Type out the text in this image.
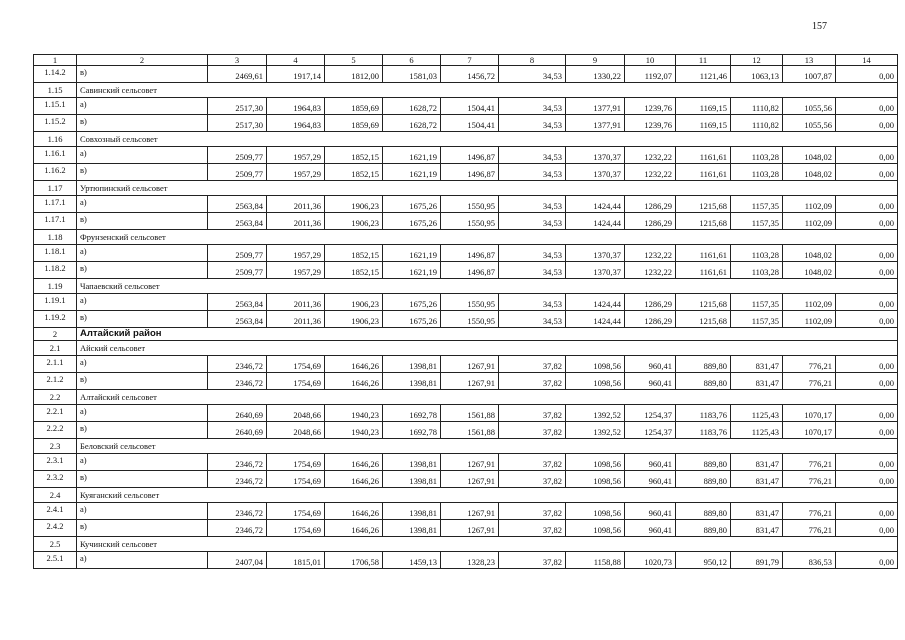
157
1	2	3	4	5	6	7	8	9	10	11	12	13	14
1.14.2	в)	2469,61	1917,14	1812,00	1581,03	1456,72	34,53	1330,22	1192,07	1121,46	1063,13	1007,87	0,00
1.15	Савинский сельсовет												
1.15.1	а)	2517,30	1964,83	1859,69	1628,72	1504,41	34,53	1377,91	1239,76	1169,15	1110,82	1055,56	0,00
1.15.2	в)	2517,30	1964,83	1859,69	1628,72	1504,41	34,53	1377,91	1239,76	1169,15	1110,82	1055,56	0,00
1.16	Совхозный сельсовет												
1.16.1	а)	2509,77	1957,29	1852,15	1621,19	1496,87	34,53	1370,37	1232,22	1161,61	1103,28	1048,02	0,00
1.16.2	в)	2509,77	1957,29	1852,15	1621,19	1496,87	34,53	1370,37	1232,22	1161,61	1103,28	1048,02	0,00
1.17	Уртюпинский сельсовет												
1.17.1	а)	2563,84	2011,36	1906,23	1675,26	1550,95	34,53	1424,44	1286,29	1215,68	1157,35	1102,09	0,00
1.17.1	в)	2563,84	2011,36	1906,23	1675,26	1550,95	34,53	1424,44	1286,29	1215,68	1157,35	1102,09	0,00
1.18	Фрунзенский сельсовет												
1.18.1	а)	2509,77	1957,29	1852,15	1621,19	1496,87	34,53	1370,37	1232,22	1161,61	1103,28	1048,02	0,00
1.18.2	в)	2509,77	1957,29	1852,15	1621,19	1496,87	34,53	1370,37	1232,22	1161,61	1103,28	1048,02	0,00
1.19	Чапаевский сельсовет												
1.19.1	а)	2563,84	2011,36	1906,23	1675,26	1550,95	34,53	1424,44	1286,29	1215,68	1157,35	1102,09	0,00
1.19.2	в)	2563,84	2011,36	1906,23	1675,26	1550,95	34,53	1424,44	1286,29	1215,68	1157,35	1102,09	0,00
2	Алтайский район												
2.1	Айский сельсовет												
2.1.1	а)	2346,72	1754,69	1646,26	1398,81	1267,91	37,82	1098,56	960,41	889,80	831,47	776,21	0,00
2.1.2	в)	2346,72	1754,69	1646,26	1398,81	1267,91	37,82	1098,56	960,41	889,80	831,47	776,21	0,00
2.2	Алтайский сельсовет												
2.2.1	а)	2640,69	2048,66	1940,23	1692,78	1561,88	37,82	1392,52	1254,37	1183,76	1125,43	1070,17	0,00
2.2.2	в)	2640,69	2048,66	1940,23	1692,78	1561,88	37,82	1392,52	1254,37	1183,76	1125,43	1070,17	0,00
2.3	Беловский сельсовет												
2.3.1	а)	2346,72	1754,69	1646,26	1398,81	1267,91	37,82	1098,56	960,41	889,80	831,47	776,21	0,00
2.3.2	в)	2346,72	1754,69	1646,26	1398,81	1267,91	37,82	1098,56	960,41	889,80	831,47	776,21	0,00
2.4	Куяганский сельсовет												
2.4.1	а)	2346,72	1754,69	1646,26	1398,81	1267,91	37,82	1098,56	960,41	889,80	831,47	776,21	0,00
2.4.2	в)	2346,72	1754,69	1646,26	1398,81	1267,91	37,82	1098,56	960,41	889,80	831,47	776,21	0,00
2.5	Кучинский сельсовет												
2.5.1	а)	2407,04	1815,01	1706,58	1459,13	1328,23	37,82	1158,88	1020,73	950,12	891,79	836,53	0,00
